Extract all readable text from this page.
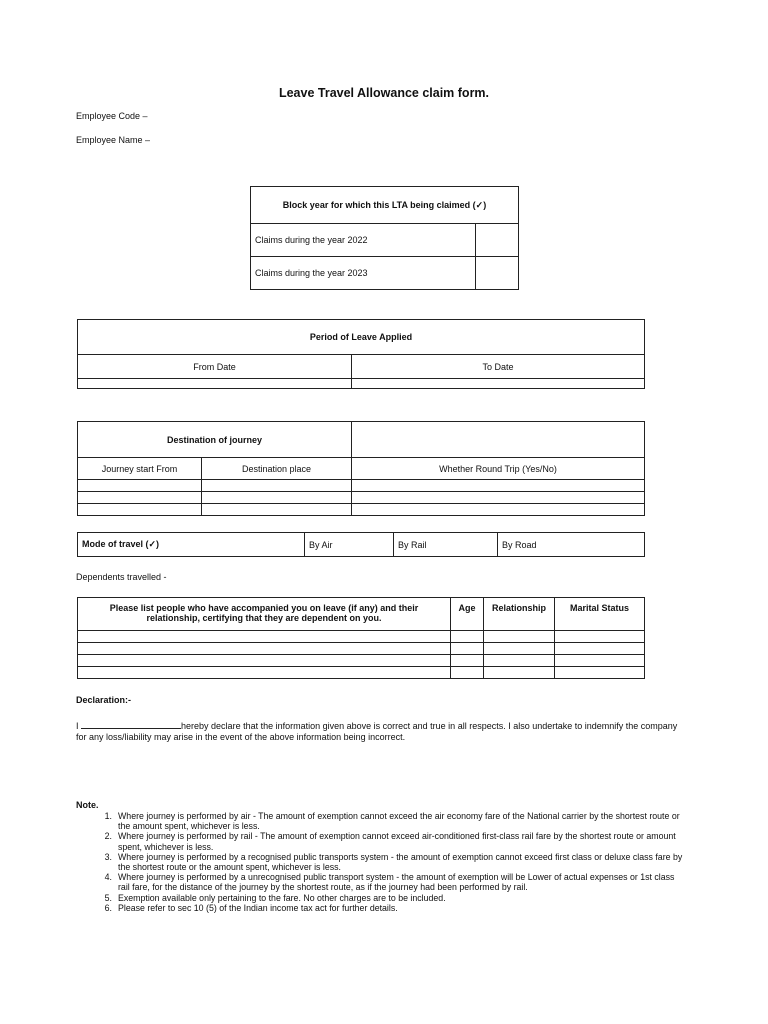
Leave Travel Allowance claim form.
Employee Code –
Employee Name –
Block year for which this LTA being claimed (✓)	
Claims during the year 2022	
Claims during the year 2023	
Period of Leave Applied	
From Date	To Date

Destination of journey		
Journey start From	Destination place	Whether Round Trip (Yes/No)

Mode of travel (✓)	By Air	By Rail	By Road
Dependents travelled -
Please list people who have accompanied you on leave (if any) and their relationship, certifying that they are dependent on you.	Age	Relationship	Marital Status

Declaration:-
I	hereby declare that the information given above is correct and true in all respects. I also undertake to indemnify the company for any loss/liability may arise in the event of the above information being incorrect.
Note.
1. Where journey is performed by air - The amount of exemption cannot exceed the air economy fare of the National carrier by the shortest route or the amount spent, whichever is less.
2. Where journey is performed by rail - The amount of exemption cannot exceed air-conditioned first-class rail fare by the shortest route or amount spent, whichever is less.
3. Where journey is performed by a recognised public transports system - the amount of exemption cannot exceed first class or deluxe class fare by the shortest route or the amount spent, whichever is less.
4. Where journey is performed by a unrecognised public transport system - the amount of exemption will be Lower of actual expenses or 1st class rail fare, for the distance of the journey by the shortest route, as if the journey had been performed by rail.
5. Exemption available only pertaining to the fare. No other charges are to be included.
6. Please refer to sec 10 (5) of the Indian income tax act for further details.
